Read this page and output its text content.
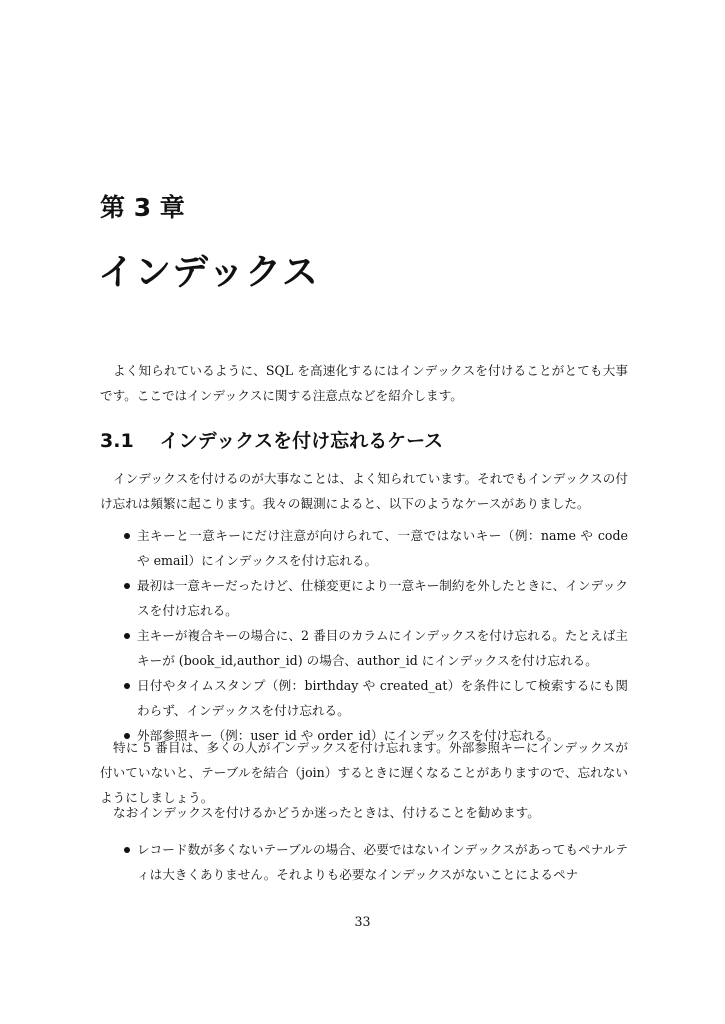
第 3 章
インデックス

よく知られているように、SQL を高速化するにはインデックスを付けることがとても大事です。ここではインデックスに関する注意点などを紹介します。

3.1 インデックスを付け忘れるケース

インデックスを付けるのが大事なことは、よく知られています。それでもインデックスの付け忘れは頻繁に起こります。我々の観測によると、以下のようなケースがありました。

主キーと一意キーにだけ注意が向けられて、一意ではないキー（例：name や code や email）にインデックスを付け忘れる。
最初は一意キーだったけど、仕様変更により一意キー制約を外したときに、インデックスを付け忘れる。
主キーが複合キーの場合に、2 番目のカラムにインデックスを付け忘れる。たとえば主キーが (book_id,author_id) の場合、author_id にインデックスを付け忘れる。
日付やタイムスタンプ（例：birthday や created_at）を条件にして検索するにも関わらず、インデックスを付け忘れる。
外部参照キー（例：user_id や order_id）にインデックスを付け忘れる。

特に 5 番目は、多くの人がインデックスを付け忘れます。外部参照キーにインデックスが付いていないと、テーブルを結合（join）するときに遅くなることがありますので、忘れないようにしましょう。

なおインデックスを付けるかどうか迷ったときは、付けることを勧めます。

レコード数が多くないテーブルの場合、必要ではないインデックスがあってもペナルティは大きくありません。それよりも必要なインデックスがないことによるペナ

33
